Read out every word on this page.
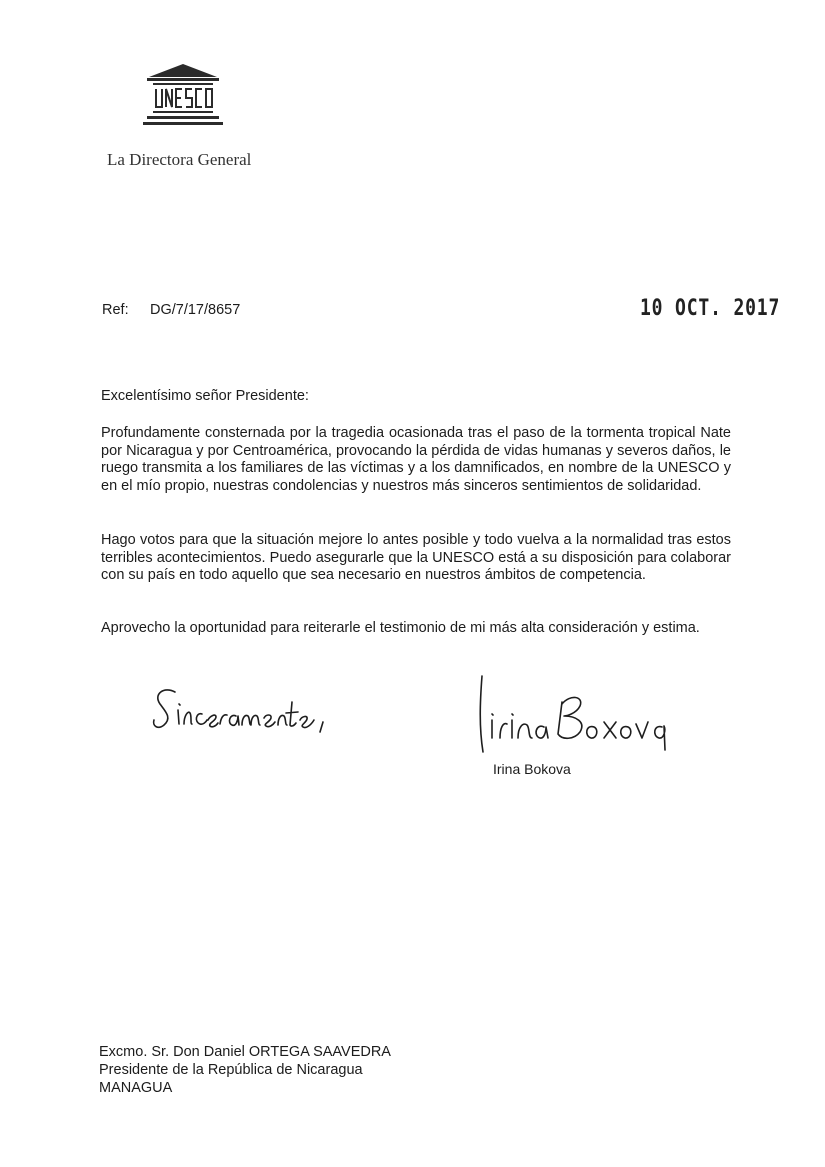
La Directora General
Ref: DG/7/17/8657	10 OCT. 2017
Excelentísimo señor Presidente:
Profundamente consternada por la tragedia ocasionada tras el paso de la tormenta tropical Nate por Nicaragua y por Centroamérica, provocando la pérdida de vidas humanas y severos daños, le ruego transmita a los familiares de las víctimas y a los damnificados, en nombre de la UNESCO y en el mío propio, nuestras condolencias y nuestros más sinceros sentimientos de solidaridad.
Hago votos para que la situación mejore lo antes posible y todo vuelva a la normalidad tras estos terribles acontecimientos. Puedo asegurarle que la UNESCO está a su disposición para colaborar con su país en todo aquello que sea necesario en nuestros ámbitos de competencia.
Aprovecho la oportunidad para reiterarle el testimonio de mi más alta consideración y estima.
Irina Bokova
Excmo. Sr. Don Daniel ORTEGA SAAVEDRA
Presidente de la República de Nicaragua
MANAGUA
